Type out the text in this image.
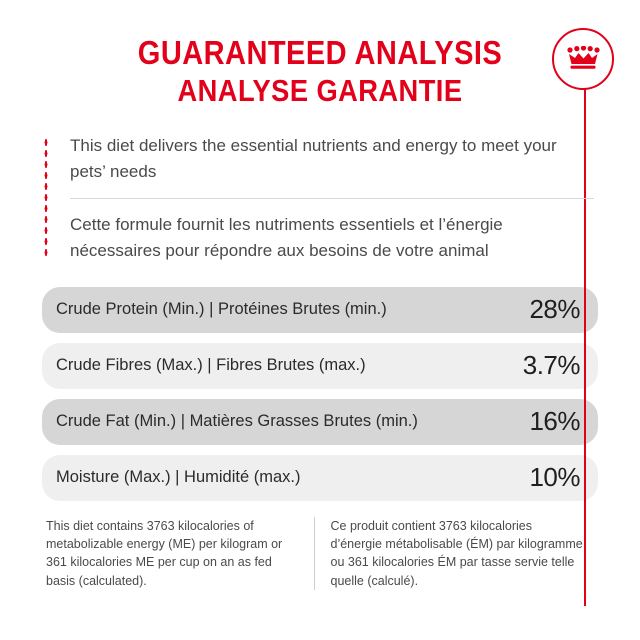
GUARANTEED ANALYSIS
ANALYSE GARANTIE

This diet delivers the essential nutrients and energy to meet your pets’ needs

Cette formule fournit les nutriments essentiels et l’énergie nécessaires pour répondre aux besoins de votre animal

Crude Protein (Min.) | Protéines Brutes (min.)	28%
Crude Fibres (Max.) | Fibres Brutes (max.)	3.7%
Crude Fat (Min.) | Matières Grasses Brutes (min.)	16%
Moisture (Max.) | Humidité (max.)	10%

This diet contains 3763 kilocalories of metabolizable energy (ME) per kilogram or 361 kilocalories ME per cup on an as fed basis (calculated).

Ce produit contient 3763 kilocalories d’énergie métabolisable (ÉM) par kilogramme ou 361 kilocalories ÉM par tasse servie telle quelle (calculé).
